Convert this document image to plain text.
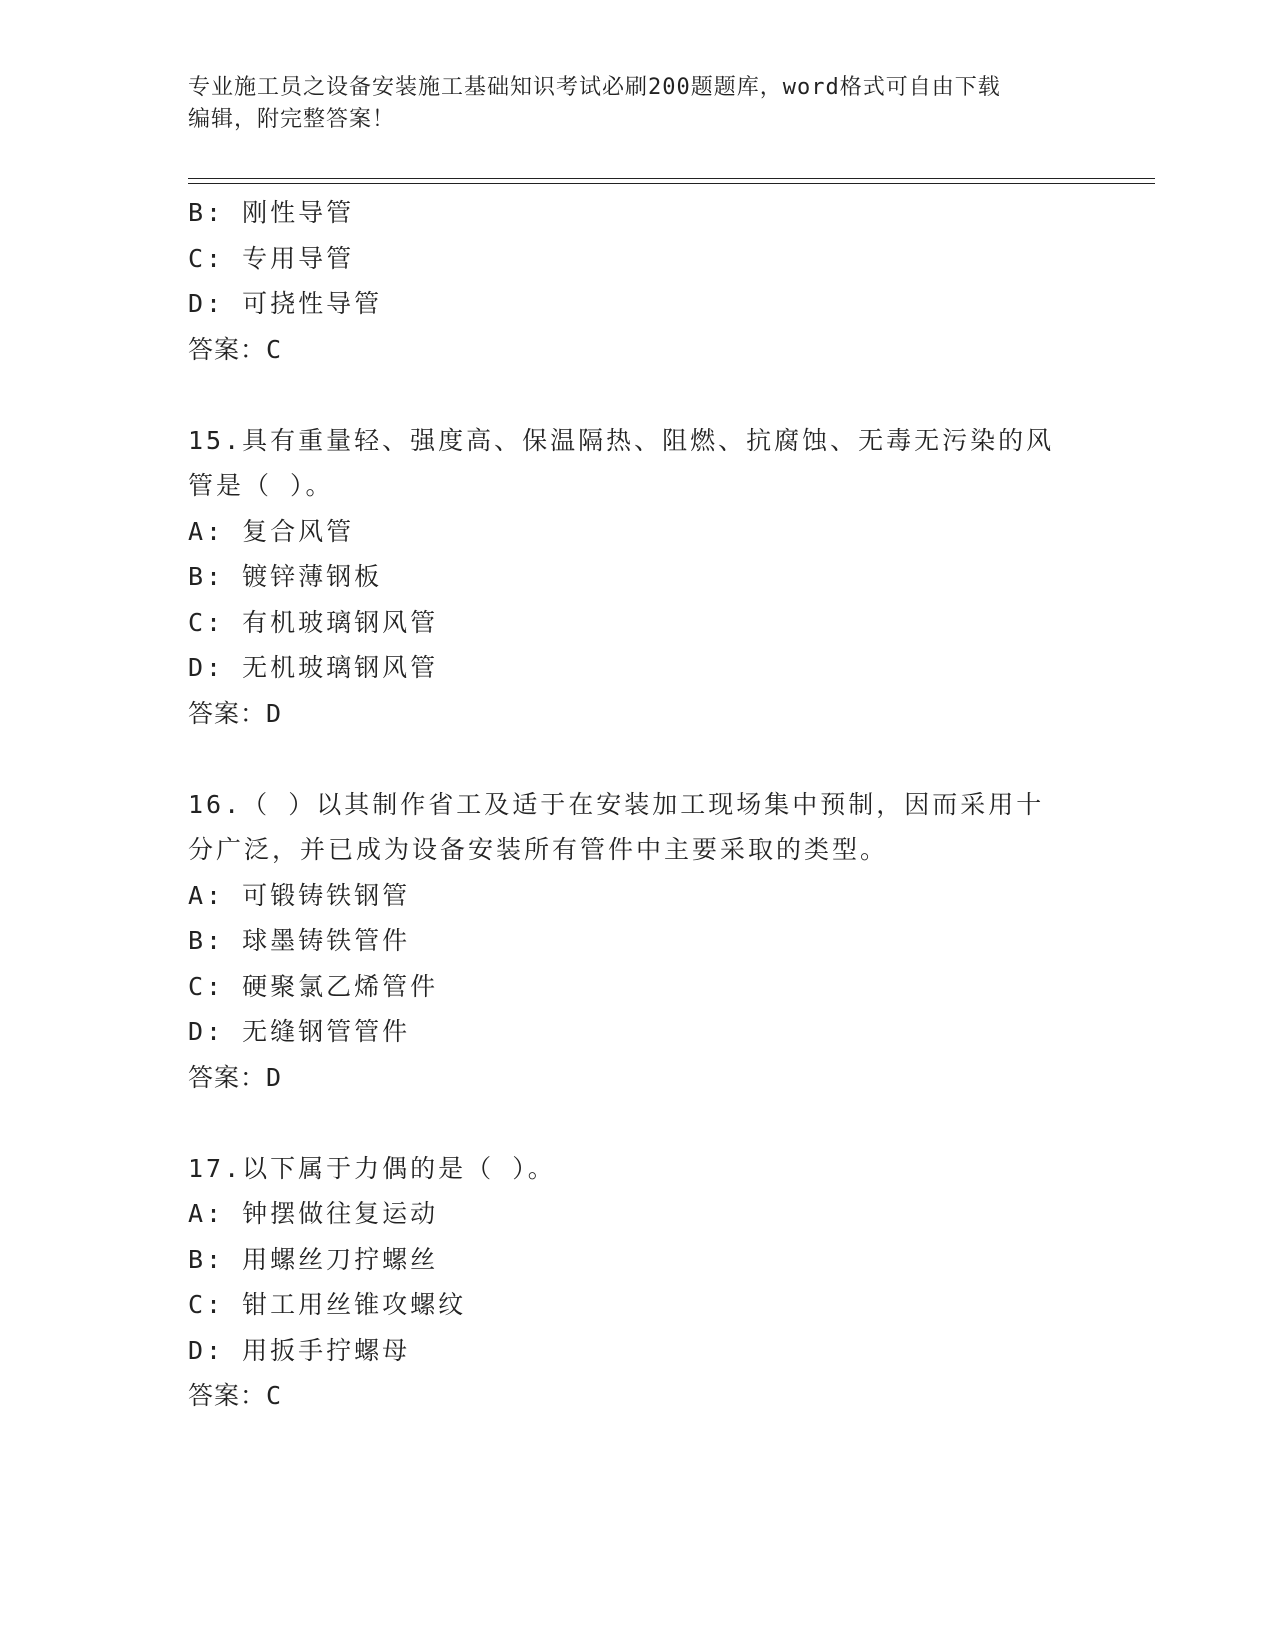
专业施工员之设备安装施工基础知识考试必刷200题题库，word格式可自由下载
编辑，附完整答案！
B: 刚性导管
C: 专用导管
D: 可挠性导管
答案：C
15.具有重量轻、强度高、保温隔热、阻燃、抗腐蚀、无毒无污染的风
管是（ ）。
A: 复合风管
B: 镀锌薄钢板
C: 有机玻璃钢风管
D: 无机玻璃钢风管
答案：D
16.（ ）以其制作省工及适于在安装加工现场集中预制，因而采用十
分广泛，并已成为设备安装所有管件中主要采取的类型。
A: 可锻铸铁钢管
B: 球墨铸铁管件
C: 硬聚氯乙烯管件
D: 无缝钢管管件
答案：D
17.以下属于力偶的是（ ）。
A: 钟摆做往复运动
B: 用螺丝刀拧螺丝
C: 钳工用丝锥攻螺纹
D: 用扳手拧螺母
答案：C
